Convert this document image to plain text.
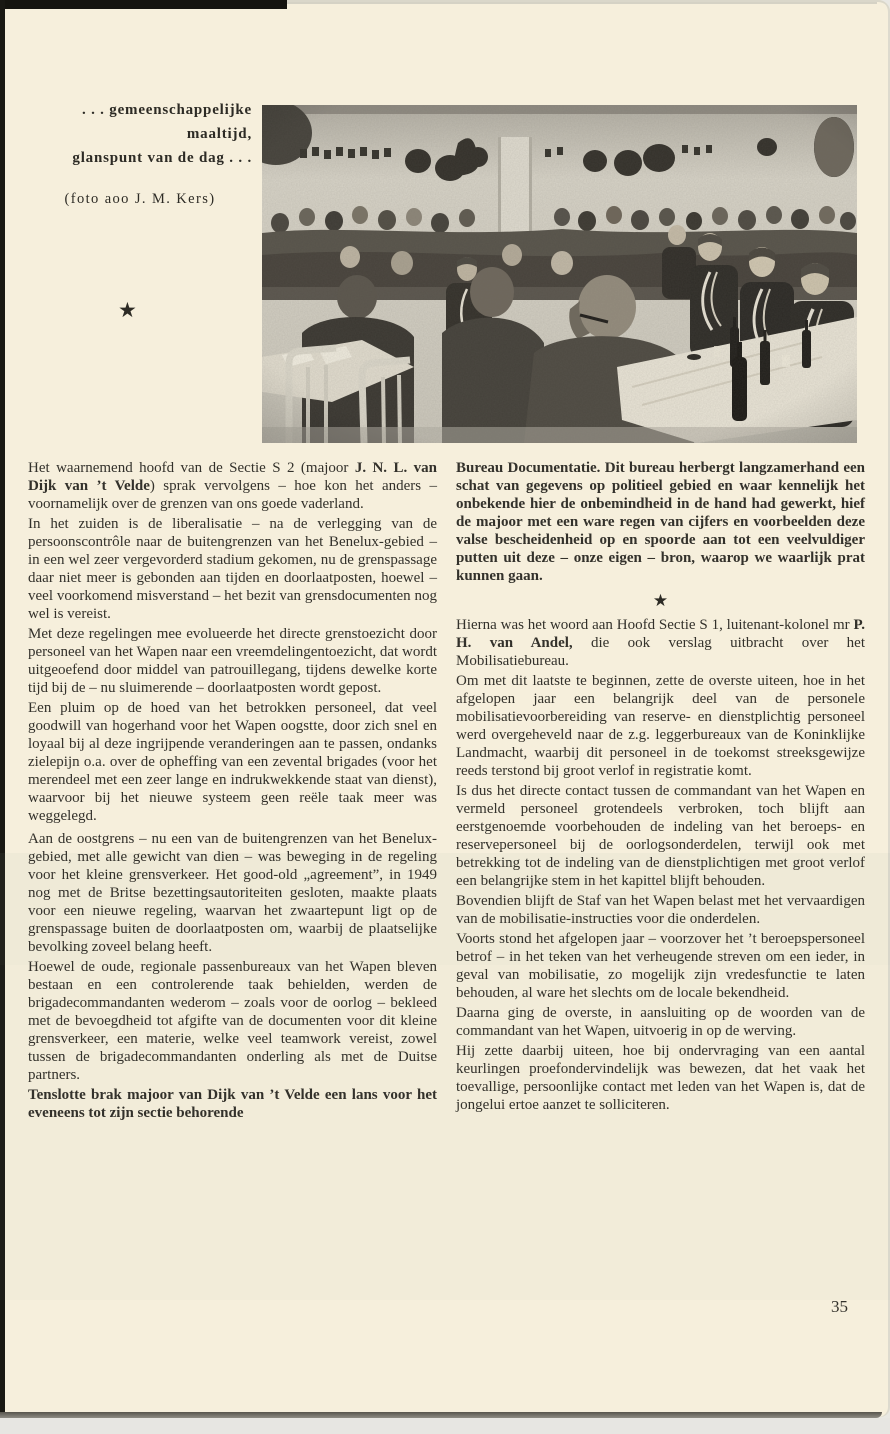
. . . gemeenschappelijke
maaltijd,
glanspunt van de dag . . .
(foto aoo J. M. Kers)
★

Het waarnemend hoofd van de Sectie S 2 (majoor J. N. L. van Dijk van ’t Velde) sprak vervolgens – hoe kon het anders – voornamelijk over de grenzen van ons goede vaderland.

In het zuiden is de liberalisatie – na de verlegging van de persoonscontrôle naar de buitengrenzen van het Benelux-gebied – in een wel zeer vergevorderd stadium gekomen, nu de grenspassage daar niet meer is gebonden aan tijden en doorlaatposten, hoewel – veel voorkomend misverstand – het bezit van grensdocumenten nog wel is vereist.

Met deze regelingen mee evolueerde het directe grenstoezicht door personeel van het Wapen naar een vreemdelingentoezicht, dat wordt uitgeoefend door middel van patrouillegang, tijdens dewelke korte tijd bij de – nu sluimerende – doorlaatposten wordt gepost.

Een pluim op de hoed van het betrokken personeel, dat veel goodwill van hogerhand voor het Wapen oogstte, door zich snel en loyaal bij al deze ingrijpende veranderingen aan te passen, ondanks zielepijn o.a. over de opheffing van een zevental brigades (voor het merendeel met een zeer lange en indrukwekkende staat van dienst), waarvoor bij het nieuwe systeem geen reële taak meer was weggelegd.

Aan de oostgrens – nu een van de buitengrenzen van het Benelux-gebied, met alle gewicht van dien – was beweging in de regeling voor het kleine grensverkeer. Het good-old „agreement”, in 1949 nog met de Britse bezettingsautoriteiten gesloten, maakte plaats voor een nieuwe regeling, waarvan het zwaartepunt ligt op de grenspassage buiten de doorlaatposten om, waarbij de plaatselijke bevolking zoveel belang heeft.

Hoewel de oude, regionale passenbureaux van het Wapen bleven bestaan en een controlerende taak behielden, werden de brigadecommandanten wederom – zoals voor de oorlog – bekleed met de bevoegdheid tot afgifte van de documenten voor dit kleine grensverkeer, een materie, welke veel teamwork vereist, zowel tussen de brigadecommandanten onderling als met de Duitse partners.

Tenslotte brak majoor van Dijk van ’t Velde een lans voor het eveneens tot zijn sectie behorende

Bureau Documentatie. Dit bureau herbergt langzamerhand een schat van gegevens op politieel gebied en waar kennelijk het onbekende hier de onbemindheid in de hand had gewerkt, hief de majoor met een ware regen van cijfers en voorbeelden deze valse bescheidenheid op en spoorde aan tot een veelvuldiger putten uit deze – onze eigen – bron, waarop we waarlijk prat kunnen gaan.

★

Hierna was het woord aan Hoofd Sectie S 1, luitenant-kolonel mr P. H. van Andel, die ook verslag uitbracht over het Mobilisatiebureau.

Om met dit laatste te beginnen, zette de overste uiteen, hoe in het afgelopen jaar een belangrijk deel van de personele mobilisatievoorbereiding van reserve- en dienstplichtig personeel werd overgeheveld naar de z.g. leggerbureaux van de Koninklijke Landmacht, waarbij dit personeel in de toekomst streeksgewijze reeds terstond bij groot verlof in registratie komt.

Is dus het directe contact tussen de commandant van het Wapen en vermeld personeel grotendeels verbroken, toch blijft aan eerstgenoemde voorbehouden de indeling van het beroeps- en reservepersoneel bij de oorlogsonderdelen, terwijl ook met betrekking tot de indeling van de dienstplichtigen met groot verlof een belangrijke stem in het kapittel blijft behouden.

Bovendien blijft de Staf van het Wapen belast met het vervaardigen van de mobilisatie-instructies voor die onderdelen.

Voorts stond het afgelopen jaar – voorzover het ’t beroepspersoneel betrof – in het teken van het verheugende streven om een ieder, in geval van mobilisatie, zo mogelijk zijn vredesfunctie te laten behouden, al ware het slechts om de locale bekendheid.

Daarna ging de overste, in aansluiting op de woorden van de commandant van het Wapen, uitvoerig in op de werving.

Hij zette daarbij uiteen, hoe bij ondervraging van een aantal keurlingen proefondervindelijk was bewezen, dat het vaak het toevallige, persoonlijke contact met leden van het Wapen is, dat de jongelui ertoe aanzet te solliciteren.

35
